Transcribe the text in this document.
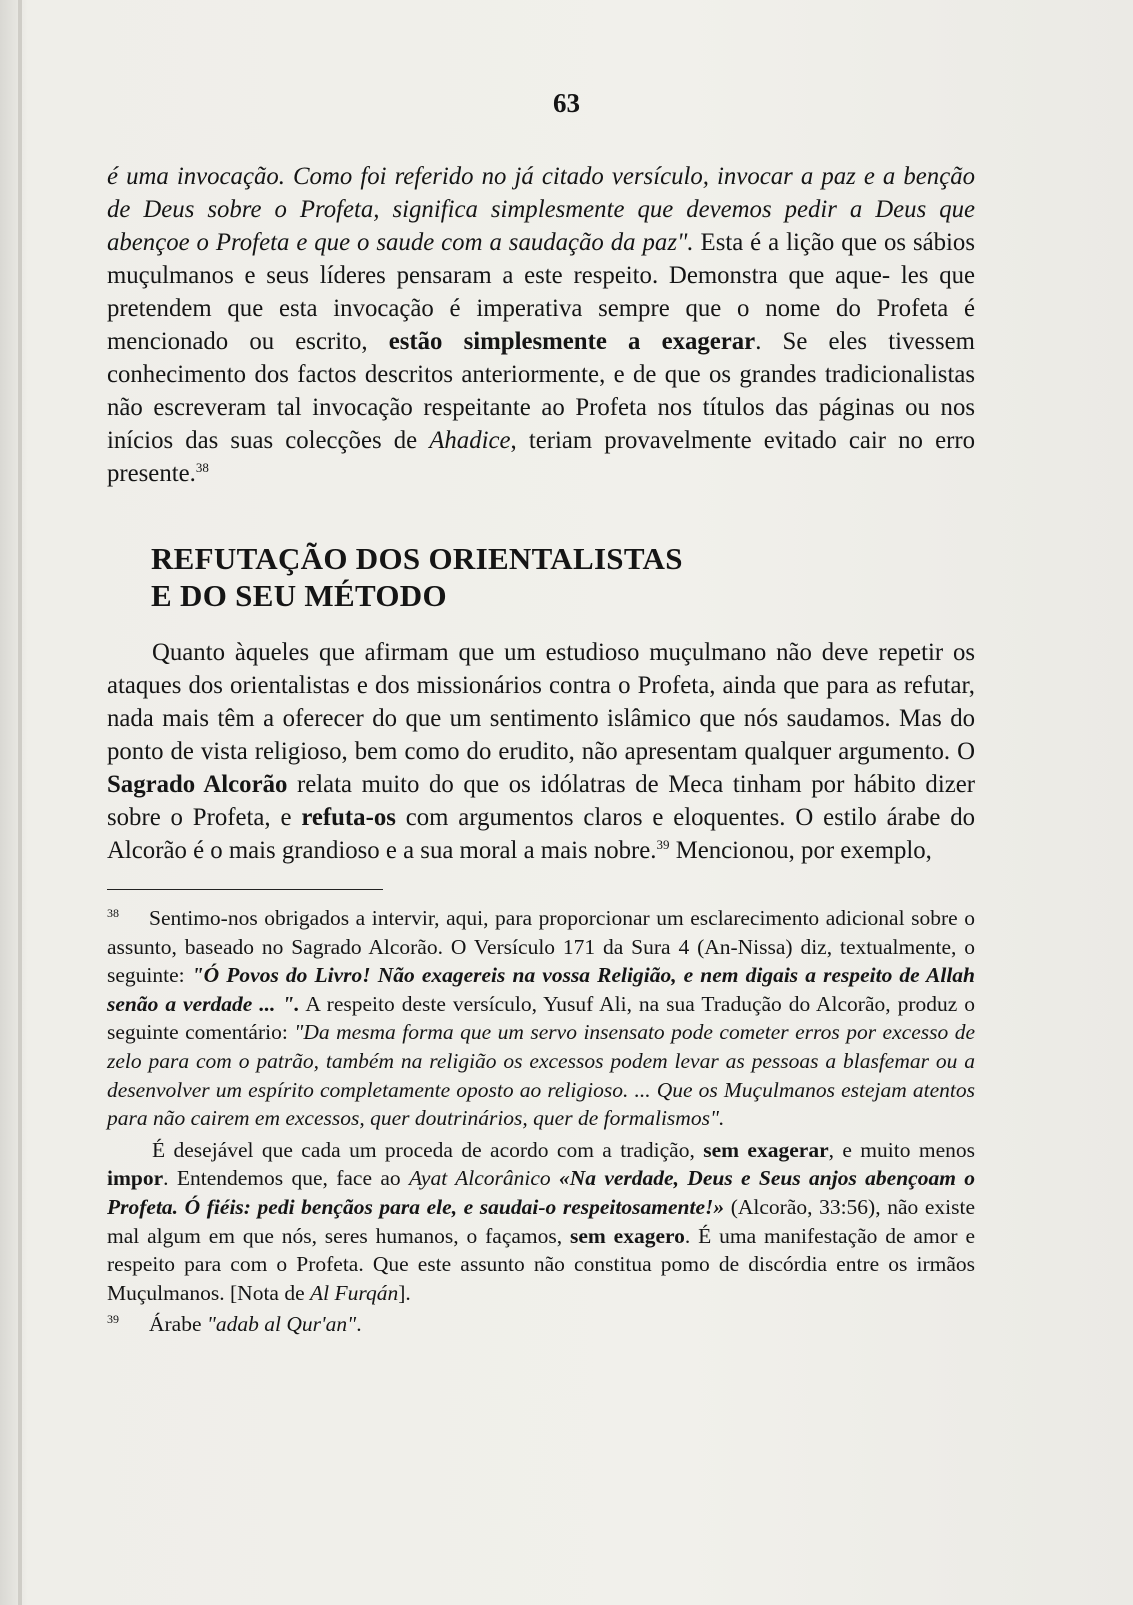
63

é uma invocação. Como foi referido no já citado versículo, invocar a paz e a benção de Deus sobre o Profeta, significa simplesmente que devemos pedir a Deus que abençoe o Profeta e que o saude com a saudação da paz". Esta é a lição que os sábios muçulmanos e seus líderes pensaram a este respeito. Demonstra que aque- les que pretendem que esta invocação é imperativa sempre que o nome do Profeta é mencionado ou escrito, estão simplesmente a exagerar. Se eles tivessem conhecimento dos factos descritos anteriormente, e de que os grandes tradicionalistas não escreveram tal invocação respeitante ao Profeta nos títulos das páginas ou nos inícios das suas colecções de Ahadice, teriam provavelmente evitado cair no erro presente.$^{38}$

REFUTAÇÃO DOS ORIENTALISTAS
E DO SEU MÉTODO

Quanto àqueles que afirmam que um estudioso muçulmano não deve repetir os ataques dos orientalistas e dos missionários contra o Profeta, ainda que para as refutar, nada mais têm a oferecer do que um sentimento islâmico que nós saudamos. Mas do ponto de vista religioso, bem como do erudito, não apresentam qualquer argumento. O Sagrado Alcorão relata muito do que os idólatras de Meca tinham por hábito dizer sobre o Profeta, e refuta-os com argumentos claros e eloquentes. O estilo árabe do Alcorão é o mais grandioso e a sua moral a mais nobre.$^{39}$ Mencionou, por exemplo,

$^{38}$ Sentimo-nos obrigados a intervir, aqui, para proporcionar um esclarecimento adicional sobre o assunto, baseado no Sagrado Alcorão. O Versículo 171 da Sura 4 (An-Nissa) diz, textualmente, o seguinte: "Ó Povos do Livro! Não exagereis na vossa Religião, e nem digais a respeito de Allah senão a verdade ... ". A respeito deste versículo, Yusuf Ali, na sua Tradução do Alcorão, produz o seguinte comentário: "Da mesma forma que um servo insensato pode cometer erros por excesso de zelo para com o patrão, também na religião os excessos podem levar as pessoas a blasfemar ou a desenvolver um espírito completamente oposto ao religioso. ... Que os Muçulmanos estejam atentos para não cairem em excessos, quer doutrinários, quer de formalismos".

É desejável que cada um proceda de acordo com a tradição, sem exagerar, e muito menos impor. Entendemos que, face ao Ayat Alcorânico «Na verdade, Deus e Seus anjos abençoam o Profeta. Ó fiéis: pedi bençãos para ele, e saudai-o respeitosamente!» (Alcorão, 33:56), não existe mal algum em que nós, seres humanos, o façamos, sem exagero. É uma manifestação de amor e respeito para com o Profeta. Que este assunto não constitua pomo de discórdia entre os irmãos Muçulmanos. [Nota de Al Furqán].

$^{39}$ Árabe "adab al Qur'an".
